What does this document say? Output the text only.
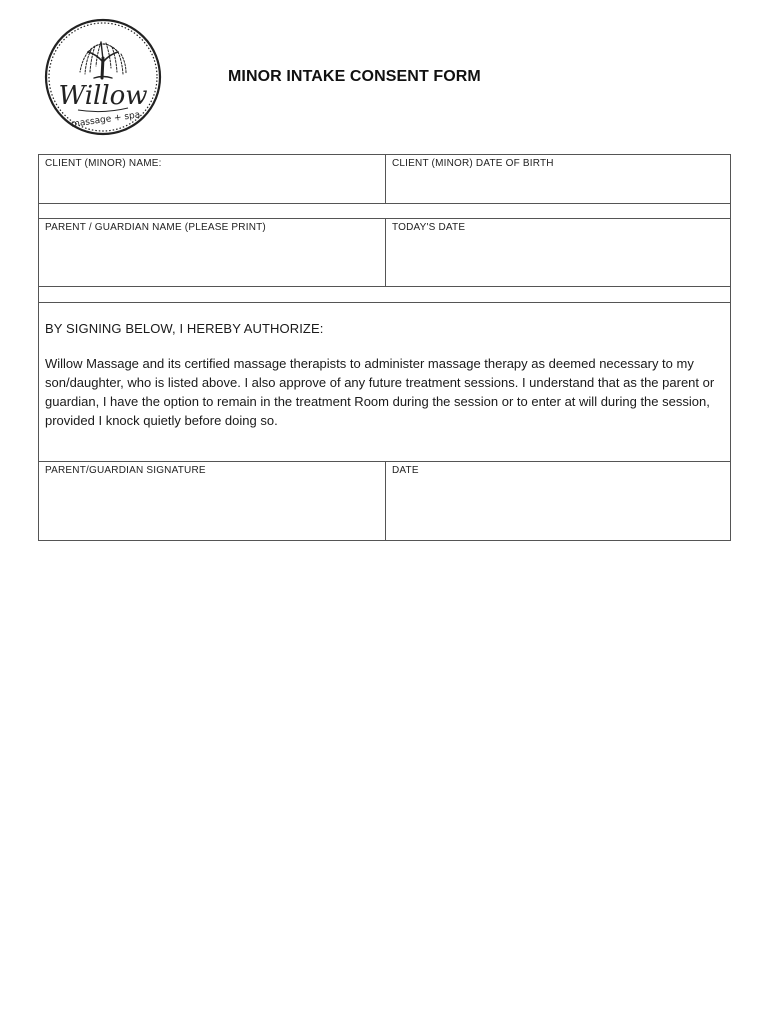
Willow
massage + spa
MINOR INTAKE CONSENT FORM
CLIENT (MINOR) NAME:	CLIENT (MINOR) DATE OF BIRTH
PARENT / GUARDIAN NAME (PLEASE PRINT)	TODAY'S DATE

BY SIGNING BELOW, I HEREBY AUTHORIZE:

Willow Massage and its certified massage therapists to administer massage therapy as deemed necessary to my son/daughter, who is listed above. I also approve of any future treatment sessions. I understand that as the parent or guardian, I have the option to remain in the treatment Room during the session or to enter at will during the session, provided I knock quietly before doing so.

PARENT/GUARDIAN SIGNATURE	DATE
